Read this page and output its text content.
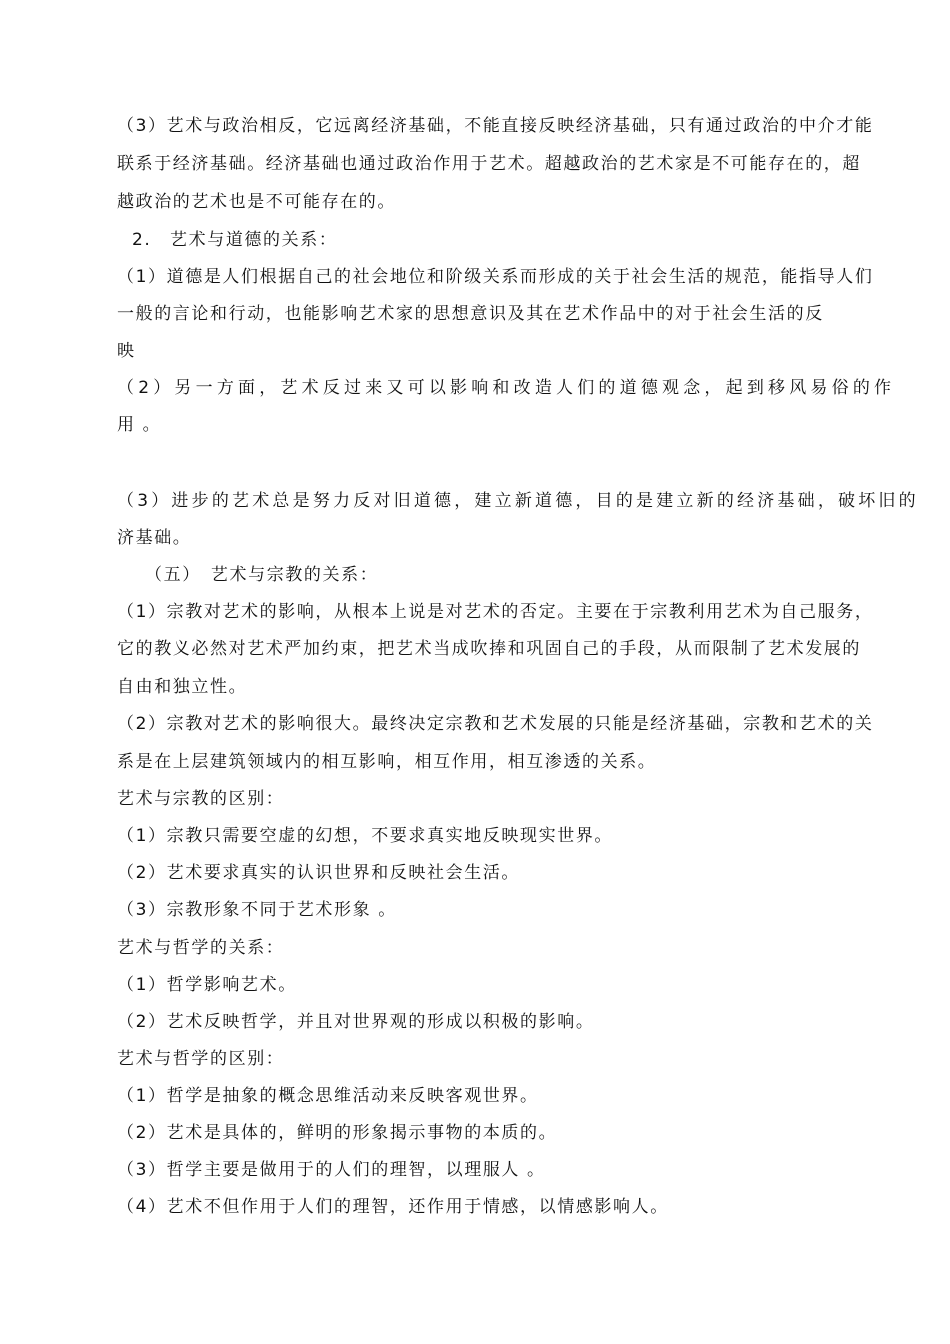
（3）艺术与政治相反，它远离经济基础，不能直接反映经济基础，只有通过政治的中介才能

联系于经济基础。经济基础也通过政治作用于艺术。超越政治的艺术家是不可能存在的，超

越政治的艺术也是不可能存在的。

2.　艺术与道德的关系：

（1）道德是人们根据自己的社会地位和阶级关系而形成的关于社会生活的规范，能指导人们

一般的言论和行动，也能影响艺术家的思想意识及其在艺术作品中的对于社会生活的反

映

（2）另一方面，艺术反过来又可以影响和改造人们的道德观念，起到移风易俗的作

用 。

（3）进步的艺术总是努力反对旧道德，建立新道德，目的是建立新的经济基础，破坏旧的

济基础。

（五）　艺术与宗教的关系：

（1）宗教对艺术的影响，从根本上说是对艺术的否定。主要在于宗教利用艺术为自己服务，

它的教义必然对艺术严加约束，把艺术当成吹捧和巩固自己的手段，从而限制了艺术发展的

自由和独立性。

（2）宗教对艺术的影响很大。最终决定宗教和艺术发展的只能是经济基础，宗教和艺术的关

系是在上层建筑领域内的相互影响，相互作用，相互渗透的关系。

艺术与宗教的区别：

（1）宗教只需要空虚的幻想，不要求真实地反映现实世界。

（2）艺术要求真实的认识世界和反映社会生活。

（3）宗教形象不同于艺术形象 。

艺术与哲学的关系：

（1）哲学影响艺术。

（2）艺术反映哲学，并且对世界观的形成以积极的影响。

艺术与哲学的区别：

（1）哲学是抽象的概念思维活动来反映客观世界。

（2）艺术是具体的，鲜明的形象揭示事物的本质的。

（3）哲学主要是做用于的人们的理智，以理服人 。

（4）艺术不但作用于人们的理智，还作用于情感，以情感影响人。
